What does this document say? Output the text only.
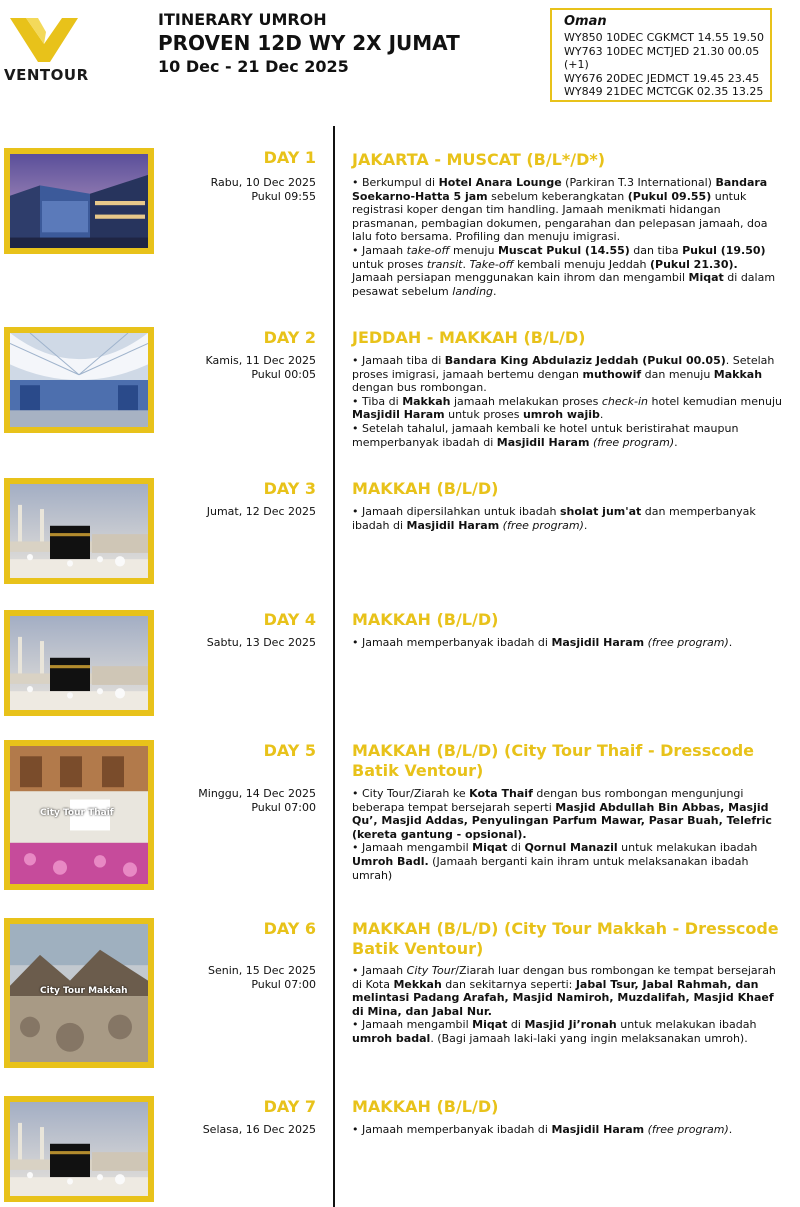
VENTOUR
ITINERARY UMROH
PROVEN 12D WY 2X JUMAT
10 Dec - 21 Dec 2025
Oman
WY850 10DEC CGKMCT 14.55 19.50
WY763 10DEC MCTJED 21.30 00.05 (+1)
WY676 20DEC JEDMCT 19.45 23.45
WY849 21DEC MCTCGK 02.35 13.25
DAY 1
Rabu, 10 Dec 2025
Pukul 09:55
JAKARTA - MUSCAT (B/L*/D*)

• Berkumpul di Hotel Anara Lounge (Parkiran T.3 International) Bandara Soekarno-Hatta 5 jam sebelum keberangkatan (Pukul 09.55) untuk registrasi koper dengan tim handling. Jamaah menikmati hidangan prasmanan, pembagian dokumen, pengarahan dan pelepasan jamaah, doa lalu foto bersama. Profiling dan menuju imigrasi.

• Jamaah take-off menuju Muscat Pukul (14.55) dan tiba Pukul (19.50) untuk proses transit. Take-off kembali menuju Jeddah (Pukul 21.30). Jamaah persiapan menggunakan kain ihrom dan mengambil Miqat di dalam pesawat sebelum landing.

DAY 2
Kamis, 11 Dec 2025
Pukul 00:05
JEDDAH - MAKKAH (B/L/D)

• Jamaah tiba di Bandara King Abdulaziz Jeddah (Pukul 00.05). Setelah proses imigrasi, jamaah bertemu dengan muthowif dan menuju Makkah dengan bus rombongan.

• Tiba di Makkah jamaah melakukan proses check-in hotel kemudian menuju Masjidil Haram untuk proses umroh wajib.

• Setelah tahalul, jamaah kembali ke hotel untuk beristirahat maupun memperbanyak ibadah di Masjidil Haram (free program).

DAY 3
Jumat, 12 Dec 2025
MAKKAH (B/L/D)

• Jamaah dipersilahkan untuk ibadah sholat jum'at dan memperbanyak ibadah di Masjidil Haram (free program).

DAY 4
Sabtu, 13 Dec 2025
MAKKAH (B/L/D)

• Jamaah memperbanyak ibadah di Masjidil Haram (free program).

City Tour Thaif
DAY 5
Minggu, 14 Dec 2025
Pukul 07:00
MAKKAH (B/L/D) (City Tour Thaif - Dresscode Batik Ventour)

• City Tour/Ziarah ke Kota Thaif dengan bus rombongan mengunjungi beberapa tempat bersejarah seperti Masjid Abdullah Bin Abbas, Masjid Qu’, Masjid Addas, Penyulingan Parfum Mawar, Pasar Buah, Telefric (kereta gantung - opsional).

• Jamaah mengambil Miqat di Qornul Manazil untuk melakukan ibadah Umroh Badl. (Jamaah berganti kain ihram untuk melaksanakan ibadah umrah)

City Tour Makkah
DAY 6
Senin, 15 Dec 2025
Pukul 07:00
MAKKAH (B/L/D) (City Tour Makkah - Dresscode Batik Ventour)

• Jamaah City Tour/Ziarah luar dengan bus rombongan ke tempat bersejarah di Kota Mekkah dan sekitarnya seperti: Jabal Tsur, Jabal Rahmah, dan melintasi Padang Arafah, Masjid Namiroh, Muzdalifah, Masjid Khaef di Mina, dan Jabal Nur.

• Jamaah mengambil Miqat di Masjid Ji’ronah untuk melakukan ibadah umroh badal. (Bagi jamaah laki-laki yang ingin melaksanakan umroh).

DAY 7
Selasa, 16 Dec 2025
MAKKAH (B/L/D)

• Jamaah memperbanyak ibadah di Masjidil Haram (free program).
